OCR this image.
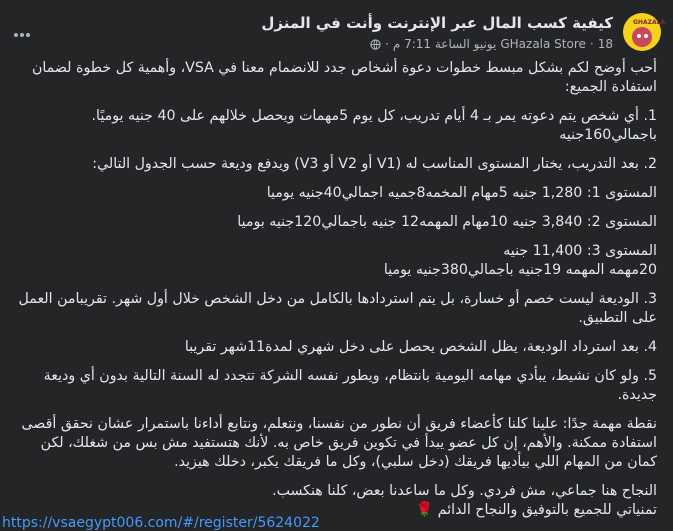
GHAZALA
كيفية كسب المال عبر الإنترنت وأنت في المنزل
18
·
GHazala Store
يونيو الساعة 7:11 م
·

أحب أوضح لكم بشكل مبسط خطوات دعوة أشخاص جدد للانضمام معنا في VSA، وأهمية كل خطوة لضمان استفادة الجميع:

1. أي شخص يتم دعوته يمر بـ 4 أيام تدريب، كل يوم 5مهمات ويحصل خلالهم على 40 جنيه يوميًا. باجمالي160جنيه

2. بعد التدريب، يختار المستوى المناسب له (V1 أو V2 أو V3) ويدفع وديعة حسب الجدول التالي:

المستوى 1: 1,280 جنيه 5مهام المخمه8جميه اجمالي40جنيه يوميا

المستوى 2: 3,840 جنيه 10مهام المهمه12 جنيه باجمالي120جنيه بوميا

المستوى 3: 11,400 جنيه

20مهمه المهمه 19جنيه باجمالي380جنيه يوميا

3. الوديعة ليست خصم أو خسارة، بل يتم استردادها بالكامل من دخل الشخص خلال أول شهر. تقريبامن العمل على التطبيق.

4. بعد استرداد الوديعة، يظل الشخص يحصل على دخل شهري لمدة11شهر تقريبا

5. ولو كان نشيط، يبأدي مهامه اليومية بانتظام، ويطور نفسه الشركة تتجدد له السنة التالية بدون أي وديعة جديدة.

نقطة مهمة جدًا: علينا كلنا كأعضاء فريق أن نطور من نفسنا، ونتعلم، ونتابع أداءنا باستمرار عشان نحقق أقصى استفادة ممكنة. والأهم، إن كل عضو يبدأ في تكوين فريق خاص به. لأنك هتستفيد مش بس من شغلك، لكن كمان من المهام اللي بيأديها فريقك (دخل سلبي)، وكل ما فريقك يكبر، دخلك هيزيد.

النجاح هنا جماعي، مش فردي. وكل ما ساعدنا بعض، كلنا هنكسب.

تمنياتي للجميع بالتوفيق والنجاح الدائم 🌹

https://vsaegypt006.com/#/register/5624022
